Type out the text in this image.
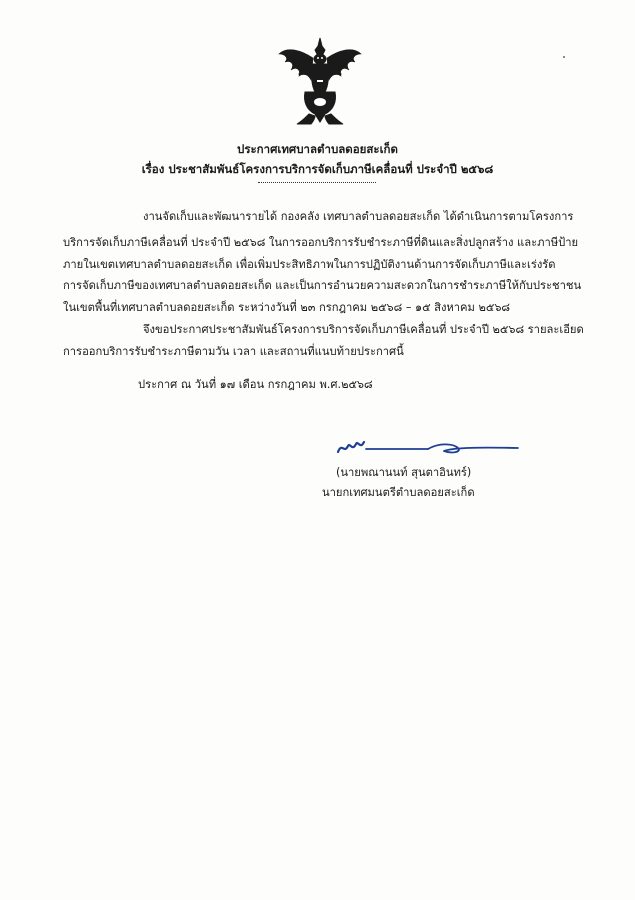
ประกาศเทศบาลตำบลดอยสะเก็ด
เรื่อง ประชาสัมพันธ์โครงการบริการจัดเก็บภาษีเคลื่อนที่ ประจำปี ๒๕๖๘
งานจัดเก็บและพัฒนารายได้ กองคลัง เทศบาลตำบลดอยสะเก็ด ได้ดำเนินการตามโครงการ
บริการจัดเก็บภาษีเคลื่อนที่ ประจำปี ๒๕๖๘ ในการออกบริการรับชำระภาษีที่ดินและสิ่งปลูกสร้าง และภาษีป้าย
ภายในเขตเทศบาลตำบลดอยสะเก็ด เพื่อเพิ่มประสิทธิภาพในการปฏิบัติงานด้านการจัดเก็บภาษีและเร่งรัด
การจัดเก็บภาษีของเทศบาลตำบลดอยสะเก็ด และเป็นการอำนวยความสะดวกในการชำระภาษีให้กับประชาชน
ในเขตพื้นที่เทศบาลตำบลดอยสะเก็ด ระหว่างวันที่ ๒๓ กรกฎาคม ๒๕๖๘ – ๑๕ สิงหาคม ๒๕๖๘
จึงขอประกาศประชาสัมพันธ์โครงการบริการจัดเก็บภาษีเคลื่อนที่ ประจำปี ๒๕๖๘ รายละเอียด
การออกบริการรับชำระภาษีตามวัน เวลา และสถานที่แนบท้ายประกาศนี้
ประกาศ ณ วันที่ ๑๗ เดือน กรกฎาคม พ.ศ.๒๕๖๘
(นายพณานนท์ สุนตาอินทร์)
นายกเทศมนตรีตำบลดอยสะเก็ด
